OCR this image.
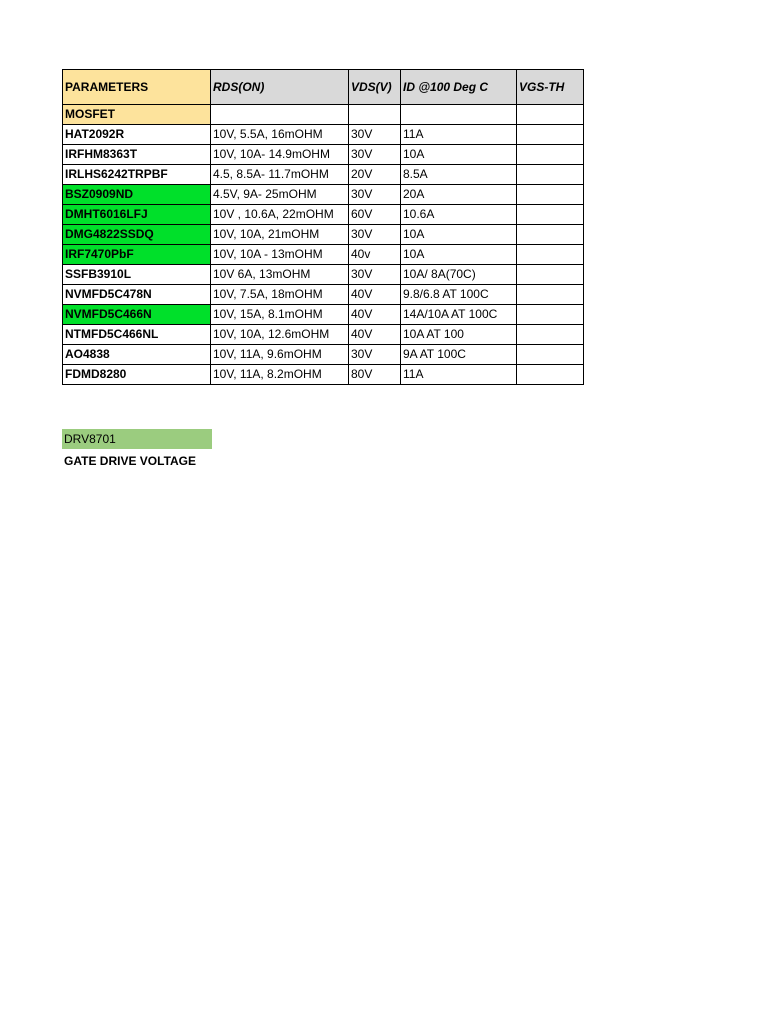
PARAMETERS	RDS(ON)	VDS(V)	ID @100 Deg C	VGS-TH
MOSFET				
HAT2092R	10V, 5.5A, 16mOHM	30V	11A	
IRFHM8363T	10V, 10A- 14.9mOHM	30V	10A	
IRLHS6242TRPBF	4.5, 8.5A- 11.7mOHM	20V	8.5A	
BSZ0909ND	4.5V, 9A- 25mOHM	30V	20A	
DMHT6016LFJ	10V , 10.6A, 22mOHM	60V	10.6A	
DMG4822SSDQ	10V, 10A, 21mOHM	30V	10A	
IRF7470PbF	10V, 10A - 13mOHM	40v	10A	
SSFB3910L	10V 6A, 13mOHM	30V	10A/ 8A(70C)	
NVMFD5C478N	10V, 7.5A, 18mOHM	40V	9.8/6.8 AT 100C	
NVMFD5C466N	10V, 15A, 8.1mOHM	40V	14A/10A AT 100C	
NTMFD5C466NL	10V, 10A, 12.6mOHM	40V	10A AT 100	
AO4838	10V, 11A, 9.6mOHM	30V	9A AT 100C	
FDMD8280	10V, 11A, 8.2mOHM	80V	11A	
DRV8701
GATE DRIVE VOLTAGE
